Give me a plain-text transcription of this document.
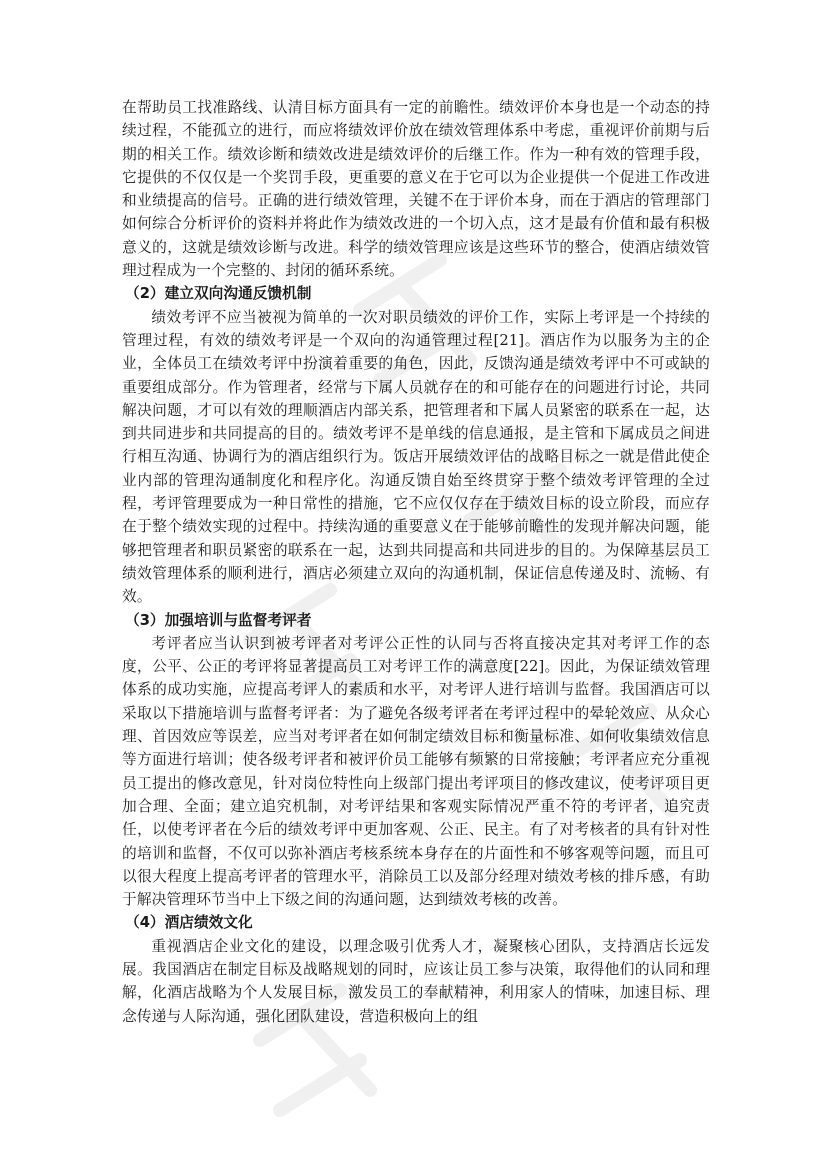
在帮助员工找准路线、认清目标方面具有一定的前瞻性。绩效评价本身也是一个动态的持续过程，不能孤立的进行，而应将绩效评价放在绩效管理体系中考虑，重视评价前期与后期的相关工作。绩效诊断和绩效改进是绩效评价的后继工作。作为一种有效的管理手段，它提供的不仅仅是一个奖罚手段，更重要的意义在于它可以为企业提供一个促进工作改进和业绩提高的信号。正确的进行绩效管理，关键不在于评价本身，而在于酒店的管理部门如何综合分析评价的资料并将此作为绩效改进的一个切入点，这才是最有价值和最有积极意义的，这就是绩效诊断与改进。科学的绩效管理应该是这些环节的整合，使酒店绩效管理过程成为一个完整的、封闭的循环系统。

（2）建立双向沟通反馈机制

绩效考评不应当被视为简单的一次对职员绩效的评价工作，实际上考评是一个持续的管理过程，有效的绩效考评是一个双向的沟通管理过程[21]。酒店作为以服务为主的企业，全体员工在绩效考评中扮演着重要的角色，因此，反馈沟通是绩效考评中不可或缺的重要组成部分。作为管理者，经常与下属人员就存在的和可能存在的问题进行讨论，共同解决问题，才可以有效的理顺酒店内部关系，把管理者和下属人员紧密的联系在一起，达到共同进步和共同提高的目的。绩效考评不是单线的信息通报，是主管和下属成员之间进行相互沟通、协调行为的酒店组织行为。饭店开展绩效评估的战略目标之一就是借此使企业内部的管理沟通制度化和程序化。沟通反馈自始至终贯穿于整个绩效考评管理的全过程，考评管理要成为一种日常性的措施，它不应仅仅存在于绩效目标的设立阶段，而应存在于整个绩效实现的过程中。持续沟通的重要意义在于能够前瞻性的发现并解决问题，能够把管理者和职员紧密的联系在一起，达到共同提高和共同进步的目的。为保障基层员工绩效管理体系的顺利进行，酒店必须建立双向的沟通机制，保证信息传递及时、流畅、有效。

（3）加强培训与监督考评者

考评者应当认识到被考评者对考评公正性的认同与否将直接决定其对考评工作的态度，公平、公正的考评将显著提高员工对考评工作的满意度[22]。因此，为保证绩效管理体系的成功实施，应提高考评人的素质和水平，对考评人进行培训与监督。我国酒店可以采取以下措施培训与监督考评者：为了避免各级考评者在考评过程中的晕轮效应、从众心理、首因效应等误差，应当对考评者在如何制定绩效目标和衡量标准、如何收集绩效信息等方面进行培训；使各级考评者和被评价员工能够有频繁的日常接触；考评者应充分重视员工提出的修改意见，针对岗位特性向上级部门提出考评项目的修改建议，使考评项目更加合理、全面；建立追究机制，对考评结果和客观实际情况严重不符的考评者，追究责任，以使考评者在今后的绩效考评中更加客观、公正、民主。有了对考核者的具有针对性的培训和监督，不仅可以弥补酒店考核系统本身存在的片面性和不够客观等问题，而且可以很大程度上提高考评者的管理水平，消除员工以及部分经理对绩效考核的排斥感，有助于解决管理环节当中上下级之间的沟通问题，达到绩效考核的改善。

（4）酒店绩效文化

重视酒店企业文化的建设，以理念吸引优秀人才，凝聚核心团队，支持酒店长远发展。我国酒店在制定目标及战略规划的同时，应该让员工参与决策，取得他们的认同和理解，化酒店战略为个人发展目标，激发员工的奉献精神，利用家人的情味，加速目标、理念传递与人际沟通，强化团队建设，营造积极向上的组
